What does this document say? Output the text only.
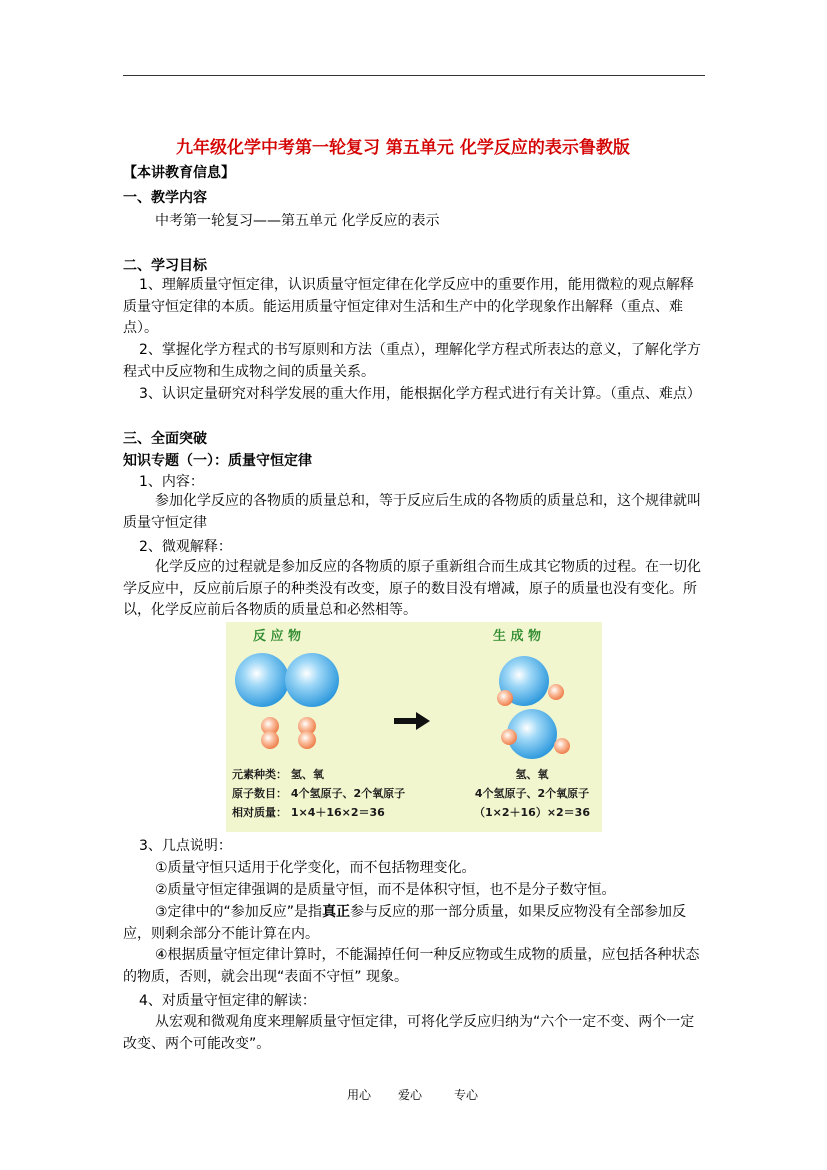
九年级化学中考第一轮复习 第五单元 化学反应的表示鲁教版
【本讲教育信息】
一、教学内容
中考第一轮复习——第五单元 化学反应的表示
二、学习目标
1、理解质量守恒定律，认识质量守恒定律在化学反应中的重要作用，能用微粒的观点解释质量守恒定律的本质。能运用质量守恒定律对生活和生产中的化学现象作出解释（重点、难点）。
2、掌握化学方程式的书写原则和方法（重点），理解化学方程式所表达的意义，了解化学方程式中反应物和生成物之间的质量关系。
3、认识定量研究对科学发展的重大作用，能根据化学方程式进行有关计算。（重点、难点）
三、全面突破
知识专题（一）：质量守恒定律
1、内容：
参加化学反应的各物质的质量总和，等于反应后生成的各物质的质量总和，这个规律就叫质量守恒定律
2、微观解释：
化学反应的过程就是参加反应的各物质的原子重新组合而生成其它物质的过程。在一切化学反应中，反应前后原子的种类没有改变，原子的数目没有增减，原子的质量也没有变化。所以，化学反应前后各物质的质量总和必然相等。
反 应 物	生 成 物
元素种类： 氢、氧
原子数目： 4个氢原子、2个氧原子
相对质量： 1×4＋16×2＝36
氢、氧
4个氢原子、2个氧原子
（1×2＋16）×2＝36
3、几点说明：
①质量守恒只适用于化学变化，而不包括物理变化。
②质量守恒定律强调的是质量守恒，而不是体积守恒，也不是分子数守恒。
③定律中的“参加反应”是指真正参与反应的那一部分质量，如果反应物没有全部参加反应，则剩余部分不能计算在内。
④根据质量守恒定律计算时，不能漏掉任何一种反应物或生成物的质量，应包括各种状态的物质，否则，就会出现“表面不守恒” 现象。
4、对质量守恒定律的解读：
从宏观和微观角度来理解质量守恒定律，可将化学反应归纳为“六个一定不变、两个一定改变、两个可能改变”。
用心 爱心	专心
